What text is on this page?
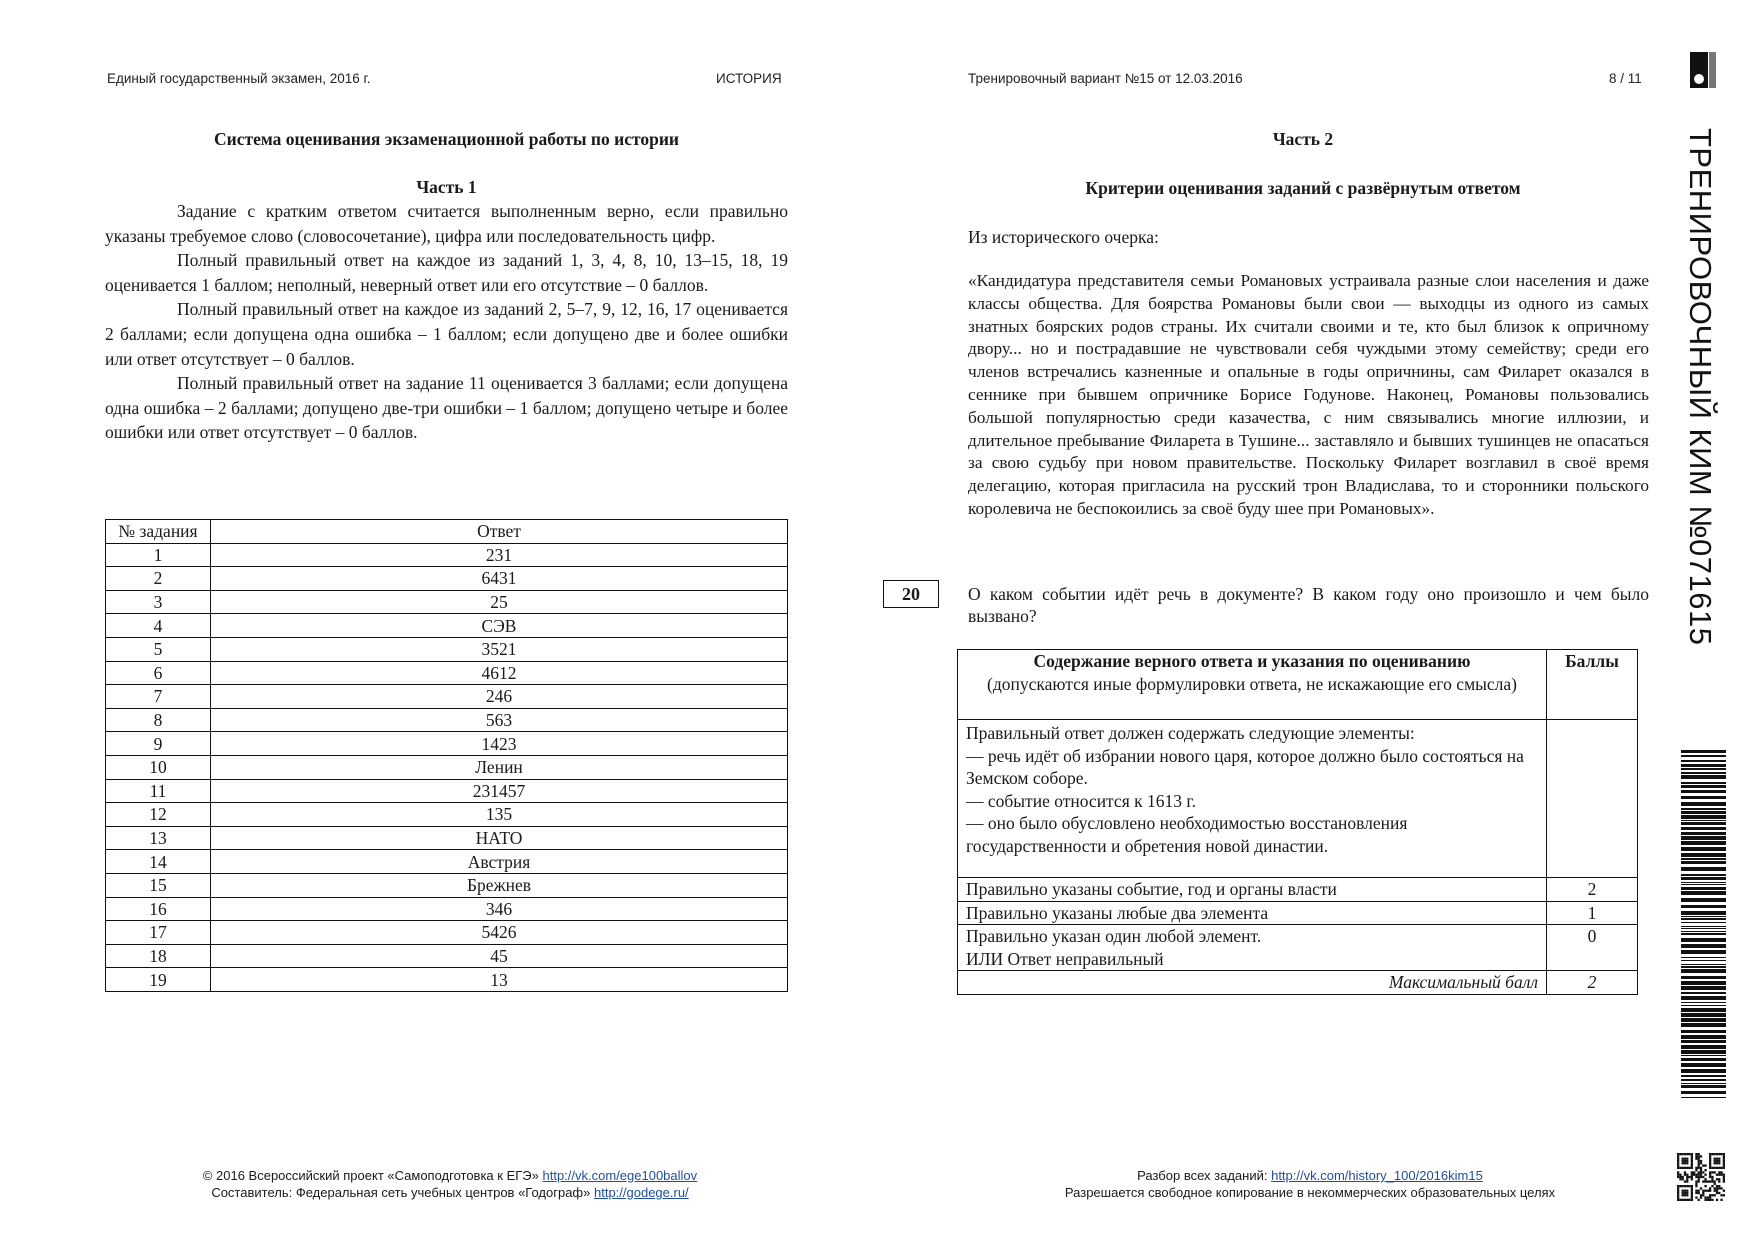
Единый государственный экзамен, 2016 г.	ИСТОРИЯ	Тренировочный вариант №15 от 12.03.2016	8 / 11
Система оценивания экзаменационной работы по истории
Часть 1
Задание с кратким ответом считается выполненным верно, если правильно указаны требуемое слово (словосочетание), цифра или последовательность цифр.
Полный правильный ответ на каждое из заданий 1, 3, 4, 8, 10, 13–15, 18, 19 оценивается 1 баллом; неполный, неверный ответ или его отсутствие – 0 баллов.
Полный правильный ответ на каждое из заданий 2, 5–7, 9, 12, 16, 17 оценивается 2 баллами; если допущена одна ошибка – 1 баллом; если допущено две и более ошибки или ответ отсутствует – 0 баллов.
Полный правильный ответ на задание 11 оценивается 3 баллами; если допущена одна ошибка – 2 баллами; допущено две-три ошибки – 1 баллом; допущено четыре и более ошибки или ответ отсутствует – 0 баллов.
№ задания	Ответ
1	231
2	6431
3	25
4	СЭВ
5	3521
6	4612
7	246
8	563
9	1423
10	Ленин
11	231457
12	135
13	НАТО
14	Австрия
15	Брежнев
16	346
17	5426
18	45
19	13
Часть 2
Критерии оценивания заданий с развёрнутым ответом
Из исторического очерка:
«Кандидатура представителя семьи Романовых устраивала разные слои населения и даже классы общества. Для боярства Романовы были свои — выходцы из одного из самых знатных боярских родов страны. Их считали своими и те, кто был близок к опричному двору... но и пострадавшие не чувствовали себя чуждыми этому семейству; среди его членов встречались казненные и опальные в годы опричнины, сам Филарет оказался в сеннике при бывшем опричнике Борисе Годунове. Наконец, Романовы пользовались большой популярностью среди казачества, с ним связывались многие иллюзии, и длительное пребывание Филарета в Тушине... заставляло и бывших тушинцев не опасаться за свою судьбу при новом правительстве. Поскольку Филарет возглавил в своё время делегацию, которая пригласила на русский трон Владислава, то и сторонники польского королевича не беспокоились за своё буду шее при Романовых».
20	О каком событии идёт речь в документе? В каком году оно произошло и чем было вызвано?
Содержание верного ответа и указания по оцениванию
(допускаются иные формулировки ответа, не искажающие его смысла)	Баллы

Правильный ответ должен содержать следующие элементы:
— речь идёт об избрании нового царя, которое должно было состояться на Земском соборе.
— событие относится к 1613 г.
— оно было обусловлено необходимостью восстановления государственности и обретения новой династии.	

Правильно указаны событие, год и органы власти	2
Правильно указаны любые два элемента	1

Правильно указан один любой элемент.
ИЛИ Ответ неправильный	0
Максимальный балл	2
ТРЕНИРОВОЧНЫЙ КИМ №071615
© 2016 Всероссийский проект «Самоподготовка к ЕГЭ» http://vk.com/ege100ballov
Составитель: Федеральная сеть учебных центров «Годограф» http://godege.ru/
Разбор всех заданий: http://vk.com/history_100/2016kim15
Разрешается свободное копирование в некоммерческих образовательных целях
